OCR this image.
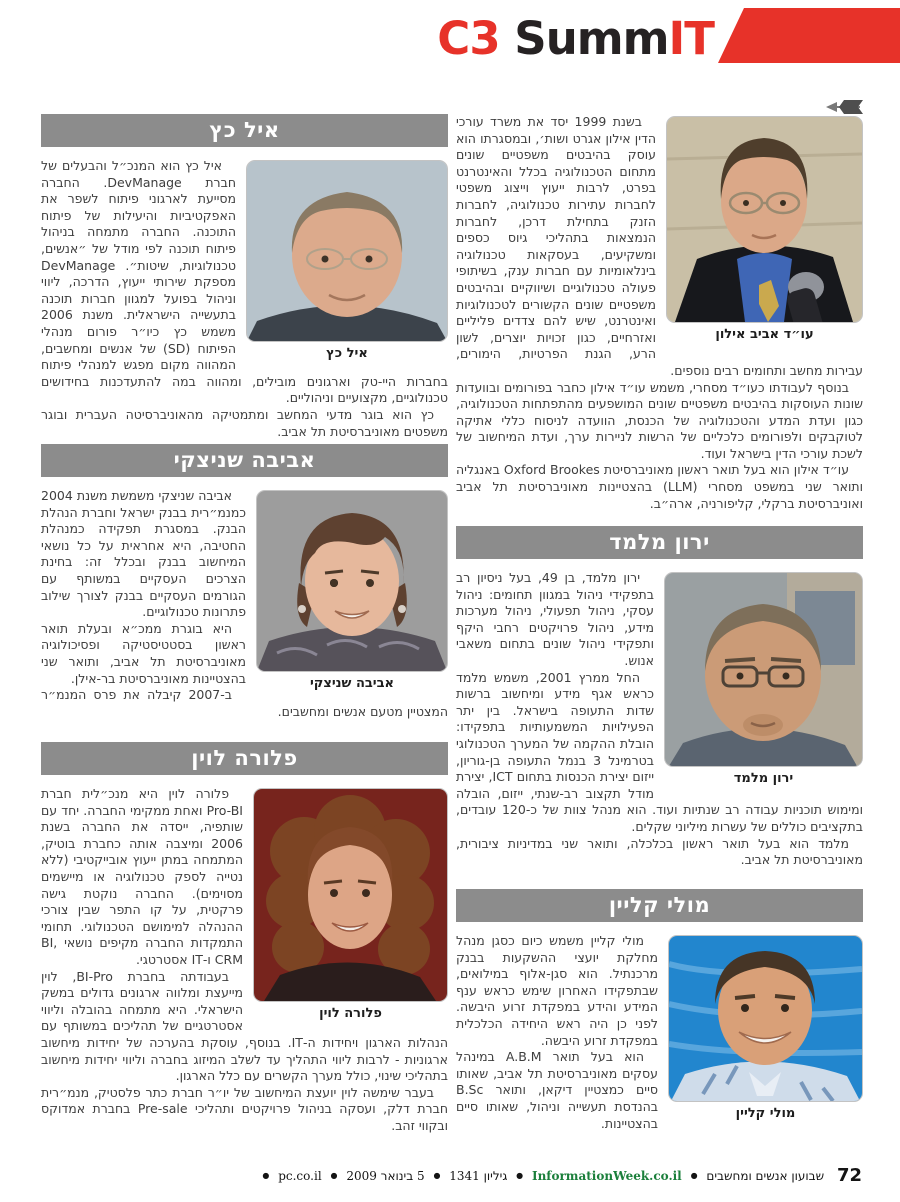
C3 SummIT
עו״ד אביב אילון

בשנת 1999 יסד את משרד עורכי הדין אילון אגרט ושות׳, ובמסגרתו הוא עוסק בהיבטים משפטיים שונים מתחום הטכנולוגיה בכלל והאינטרנט בפרט, לרבות ייעוץ וייצוג משפטי לחברות עתירות טכנולוגיה, לחברות הזנק בתחילת דרכן, לחברות הנמצאות בתהליכי גיוס כספים ומשקיעים, בעסקאות טכנולוגיה בינלאומיות עם חברות ענק, בשיתופי פעולה טכנולוגיים ושיווקיים ובהיבטים משפטיים שונים הקשורים לטכנולוגיות ואינטרנט, שיש להם צדדים פליליים ואזרחיים, כגון זכויות יוצרים, לשון הרע, הגנת הפרטיות, הימורים, עבירות מחשב ותחומים רבים נוספים.

בנוסף לעבודתו כעו״ד מסחרי, משמש עו״ד אילון כחבר בפורומים ובוועדות שונות העוסקות בהיבטים משפטיים שונים המושפעים מהתפתחות הטכנולוגיה, כגון ועדת המדע והטכנולוגיה של הכנסת, הוועדה לניסוח כללי אתיקה לטוקבקים ולפורומים כלכליים של הרשות לניירות ערך, ועדת המיחשוב של לשכת עורכי הדין בישראל ועוד.

עו״ד אילון הוא בעל תואר ראשון מאוניברסיטת Oxford Brookes באנגליה ותואר שני במשפט מסחרי (LLM) בהצטיינות מאוניברסיטת תל אביב ואוניברסיטת ברקלי, קליפורניה, ארה״ב.

ירון מלמד
ירון מלמד

ירון מלמד, בן 49, בעל ניסיון רב בתפקידי ניהול במגוון תחומים: ניהול עסקי, ניהול תפעולי, ניהול מערכות מידע, ניהול פרויקטים רחבי היקף ותפקידי ניהול שונים בתחום משאבי אנוש.

החל ממרץ 2001, משמש מלמד כראש אגף מידע ומיחשוב ברשות שדות התעופה בישראל. בין יתר הפעילויות המשמעותיות בתפקידו: הובלת ההקמה של המערך הטכנולוגי בטרמינל 3 בנמל התעופה בן-גוריון, ייזום יצירת הכנסות בתחום ICT, יצירת מודל תקצוב רב-שנתי, ייזום, הובלה ומימוש תוכניות עבודה רב שנתיות ועוד. הוא מנהל צוות של כ-120 עובדים, בתקציבים כוללים של עשרות מיליוני שקלים.

מלמד הוא בעל תואר ראשון בכלכלה, ותואר שני במדיניות ציבורית, מאוניברסיטת תל אביב.

מולי קליין
מולי קליין

מולי קליין משמש כיום כסגן מנהל מחלקת יועצי ההשקעות בבנק מרכנתיל. הוא סגן-אלוף במילואים, שבתפקידו האחרון שימש כראש ענף המידע והידע במפקדת זרוע היבשה. לפני כן היה ראש היחידה הכלכלית במפקדת זרוע היבשה.

הוא בעל תואר A.B.M במינהל עסקים מאוניברסיטת תל אביב, שאותו סיים כמצטיין דיקאן, ותואר B.Sc בהנדסת תעשייה וניהול, שאותו סיים בהצטיינות.

איל כץ
איל כץ

איל כץ הוא המנכ״ל והבעלים של חברת DevManage. החברה מסייעת לארגוני פיתוח לשפר את האפקטיביות והיעילות של פיתוח התוכנה. החברה מתמחה בניהול פיתוח תוכנה לפי מודל של ״אנשים, טכנולוגיות, שיטות״. DevManage מספקת שירותי ייעוץ, הדרכה, ליווי וניהול בפועל למגוון חברות תוכנה בתעשייה הישראלית. משנת 2006 משמש כץ כיו״ר פורום מנהלי הפיתוח (SD) של אנשים ומחשבים, המהווה מקום מפגש למנהלי פיתוח בחברות היי-טק וארגונים מובילים, ומהווה במה להתעדכנות בחידושים טכנולוגיים, מקצועיים וניהוליים.

כץ הוא בוגר מדעי המחשב ומתמטיקה מהאוניברסיטה העברית ובוגר משפטים מאוניברסיטת תל אביב.

אביבה שניצקי
אביבה שניצקי

אביבה שניצקי משמשת משנת 2004 כמנמ״רית בבנק ישראל וחברת הנהלת הבנק. במסגרת תפקידה כמנהלת החטיבה, היא אחראית על כל נושאי המיחשוב בבנק ובכלל זה: בחינת הצרכים העסקיים במשותף עם הגורמים העסקיים בבנק לצורך שילוב פתרונות טכנולוגיים.

היא בוגרת ממכ״א ובעלת תואר ראשון בסטטיסטיקה ופסיכולוגיה מאוניברסיטת תל אביב, ותואר שני בהצטיינות מאוניברסיטת בר-אילן.

ב-2007 קיבלה את פרס המנמ״ר המצטיין מטעם אנשים ומחשבים.

פלורה לוין
פלורה לוין

פלורה לוין היא מנכ״לית חברת Pro-BI ואחת ממקימי החברה. יחד עם שותפיה, ייסדה את החברה בשנת 2006 ומיצבה אותה כחברת בוטיק, המתמחה במתן ייעוץ אובייקטיבי (ללא נטייה לספק טכנולוגיה או מיישמים מסוימים). החברה נוקטת גישה פרקטית, על קו התפר שבין צורכי ההנהלה למימושם הטכנולוגי. תחומי התמקדות החברה מקיפים נושאי BI, CRM ו-IT אסטרטגי.

בעבודתה בחברת BI-Pro, לוין מייעצת ומלווה ארגונים גדולים במשק הישראלי. היא מתמחה בהובלה וליווי אסטרטגיים של תהליכים במשותף עם הנהלות הארגון ויחידות ה-IT. בנוסף, עוסקת בהערכה של יחידות מיחשוב ארגוניות - לרבות ליווי התהליך עד לשלב המיזוג בחברה וליווי יחידות מיחשוב בתהליכי שינוי, כולל מערך הקשרים עם כלל הארגון.

בעבר שימשה לוין יועצת המיחשוב של יו״ר חברת כתר פלסטיק, מנמ״רית חברת דלק, ועסקה בניהול פרויקטים ותהליכי Pre-sale בחברת אמדוקס ובקווי זהב.

72 שבועון אנשים ומחשבים ● InformationWeek.co.il ● גיליון 1341 ● 5 בינואר 2009 ● pc.co.il ●
